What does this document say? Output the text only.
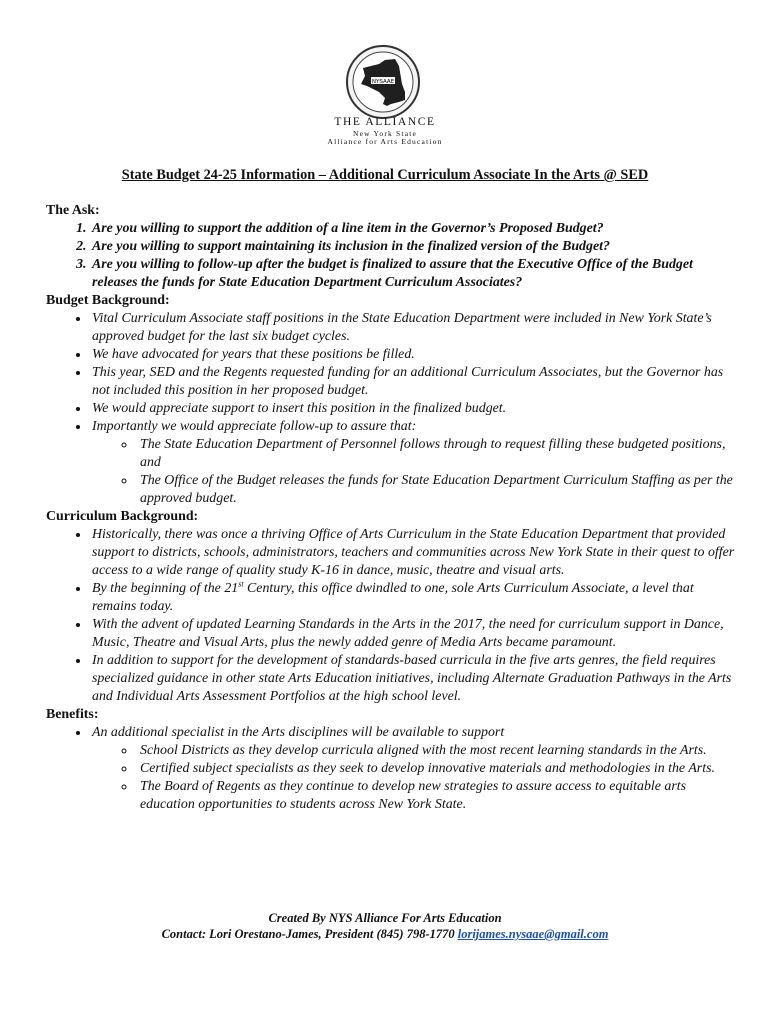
NYSAAE
THE ALLIANCE
New York State
Alliance for Arts Education
State Budget 24-25 Information – Additional Curriculum Associate In the Arts @ SED
The Ask:
1. Are you willing to support the addition of a line item in the Governor’s Proposed Budget?
2. Are you willing to support maintaining its inclusion in the finalized version of the Budget?
3. Are you willing to follow-up after the budget is finalized to assure that the Executive Office of the Budget releases the funds for State Education Department Curriculum Associates?
Budget Background:
• Vital Curriculum Associate staff positions in the State Education Department were included in New York State’s approved budget for the last six budget cycles.
• We have advocated for years that these positions be filled.
• This year, SED and the Regents requested funding for an additional Curriculum Associates, but the Governor has not included this position in her proposed budget.
• We would appreciate support to insert this position in the finalized budget.
• Importantly we would appreciate follow-up to assure that:
◦ The State Education Department of Personnel follows through to request filling these budgeted positions, and
◦ The Office of the Budget releases the funds for State Education Department Curriculum Staffing as per the approved budget.
Curriculum Background:
• Historically, there was once a thriving Office of Arts Curriculum in the State Education Department that provided support to districts, schools, administrators, teachers and communities across New York State in their quest to offer access to a wide range of quality study K-16 in dance, music, theatre and visual arts.
• By the beginning of the 21st Century, this office dwindled to one, sole Arts Curriculum Associate, a level that remains today.
• With the advent of updated Learning Standards in the Arts in the 2017, the need for curriculum support in Dance, Music, Theatre and Visual Arts, plus the newly added genre of Media Arts became paramount.
• In addition to support for the development of standards-based curricula in the five arts genres, the field requires specialized guidance in other state Arts Education initiatives, including Alternate Graduation Pathways in the Arts and Individual Arts Assessment Portfolios at the high school level.
Benefits:
• An additional specialist in the Arts disciplines will be available to support
◦ School Districts as they develop curricula aligned with the most recent learning standards in the Arts.
◦ Certified subject specialists as they seek to develop innovative materials and methodologies in the Arts.
◦ The Board of Regents as they continue to develop new strategies to assure access to equitable arts education opportunities to students across New York State.
Created By NYS Alliance For Arts Education
Contact: Lori Orestano-James, President (845) 798-1770 lorijames.nysaae@gmail.com
